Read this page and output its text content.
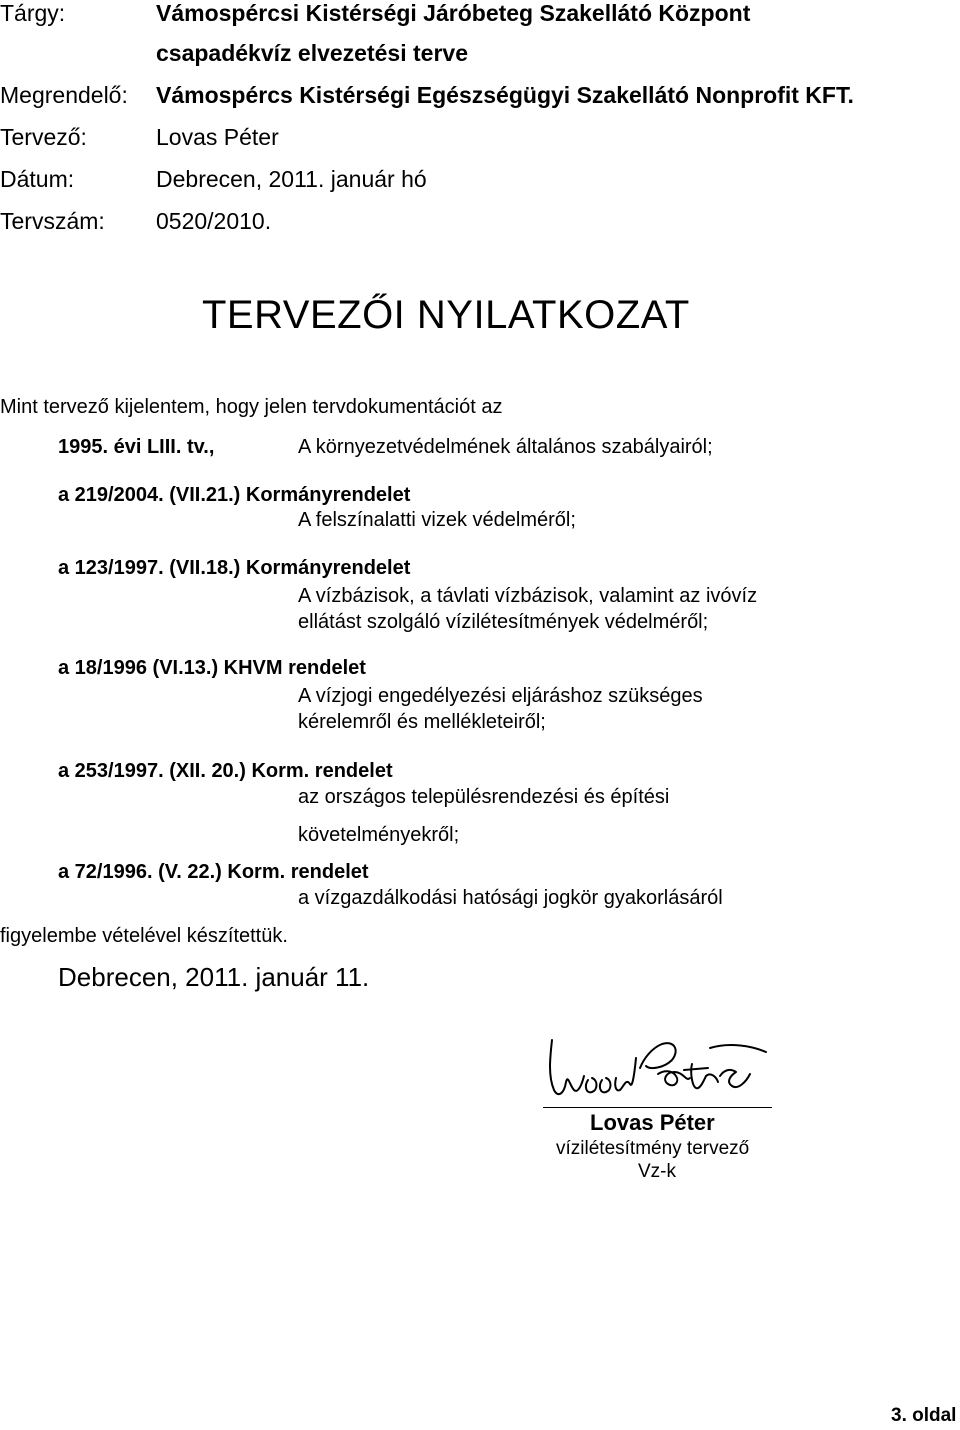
Tárgy:	Vámospércsi Kistérségi Járóbeteg Szakellátó Központ
csapadékvíz elvezetési terve
Megrendelő: Vámospércs Kistérségi Egészségügyi Szakellátó Nonprofit KFT.
Tervező:	Lovas Péter
Dátum:	Debrecen, 2011. január hó
Tervszám: 0520/2010.
TERVEZŐI NYILATKOZAT
Mint tervező kijelentem, hogy jelen tervdokumentációt az
1995. évi LIII. tv.,	A környezetvédelmének általános szabályairól;
a 219/2004. (VII.21.) Kormányrendelet
A felszínalatti vizek védelméről;
a 123/1997. (VII.18.) Kormányrendelet
A vízbázisok, a távlati vízbázisok, valamint az ivóvíz
ellátást szolgáló vízilétesítmények védelméről;
a 18/1996 (VI.13.) KHVM rendelet
A vízjogi engedélyezési eljáráshoz szükséges
kérelemről és mellékleteiről;
a 253/1997. (XII. 20.) Korm. rendelet
az országos településrendezési és építési
követelményekről;
a 72/1996. (V. 22.) Korm. rendelet
a vízgazdálkodási hatósági jogkör gyakorlásáról
figyelembe vételével készítettük.
Debrecen, 2011. január 11.
Lovas Péter
vízilétesítmény tervező
Vz-k
3. oldal
